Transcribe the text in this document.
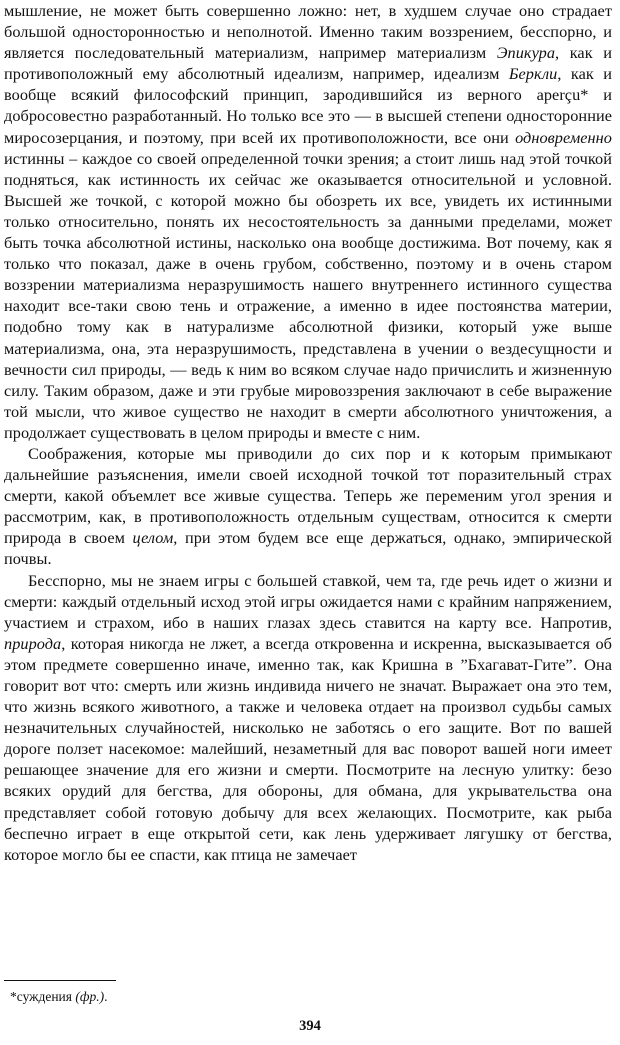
мышление, не может быть совершенно ложно: нет, в худшем случае оно страдает большой односторонностью и неполнотой. Именно таким воззрением, бесспорно, и является последовательный материализм, например материализм Эпикура, как и противоположный ему абсолютный идеализм, например, идеализм Беркли, как и вообще всякий философский принцип, зародившийся из верного aperçu* и добросовестно разработанный. Но только все это — в высшей степени односторонние миросозерцания, и поэтому, при всей их противоположности, все они одновременно истинны – каждое со своей определенной точки зрения; а стоит лишь над этой точкой подняться, как истинность их сейчас же оказывается относительной и условной. Высшей же точкой, с которой можно бы обозреть их все, увидеть их истинными только относительно, понять их несостоятельность за данными пределами, может быть точка абсолютной истины, насколько она вообще достижима. Вот почему, как я только что показал, даже в очень грубом, собственно, поэтому и в очень старом воззрении материализма неразрушимость нашего внутреннего истинного существа находит все-таки свою тень и отражение, а именно в идее постоянства материи, подобно тому как в натурализме абсолютной физики, который уже выше материализма, она, эта неразрушимость, представлена в учении о вездесущности и вечности сил природы, — ведь к ним во всяком случае надо причислить и жизненную силу. Таким образом, даже и эти грубые мировоззрения заключают в себе выражение той мысли, что живое существо не находит в смерти абсолютного уничтожения, а продолжает существовать в целом природы и вместе с ним.

Соображения, которые мы приводили до сих пор и к которым примыкают дальнейшие разъяснения, имели своей исходной точкой тот поразительный страх смерти, какой объемлет все живые существа. Теперь же переменим угол зрения и рассмотрим, как, в противоположность отдельным существам, относится к смерти природа в своем целом, при этом будем все еще держаться, однако, эмпирической почвы.

Бесспорно, мы не знаем игры с большей ставкой, чем та, где речь идет о жизни и смерти: каждый отдельный исход этой игры ожидается нами с крайним напряжением, участием и страхом, ибо в наших глазах здесь ставится на карту все. Напротив, природа, которая никогда не лжет, а всегда откровенна и искренна, высказывается об этом предмете совершенно иначе, именно так, как Кришна в ”Бхагават-Гите”. Она говорит вот что: смерть или жизнь индивида ничего не значат. Выражает она это тем, что жизнь всякого животного, а также и человека отдает на произвол судьбы самых незначительных случайностей, нисколько не заботясь о его защите. Вот по вашей дороге ползет насекомое: малейший, незаметный для вас поворот вашей ноги имеет решающее значение для его жизни и смерти. Посмотрите на лесную улитку: безо всяких орудий для бегства, для обороны, для обмана, для укрывательства она представляет собой готовую добычу для всех желающих. Посмотрите, как рыба беспечно играет в еще открытой сети, как лень удерживает лягушку от бегства, которое могло бы ее спасти, как птица не замечает

*суждения (фр.).

394
